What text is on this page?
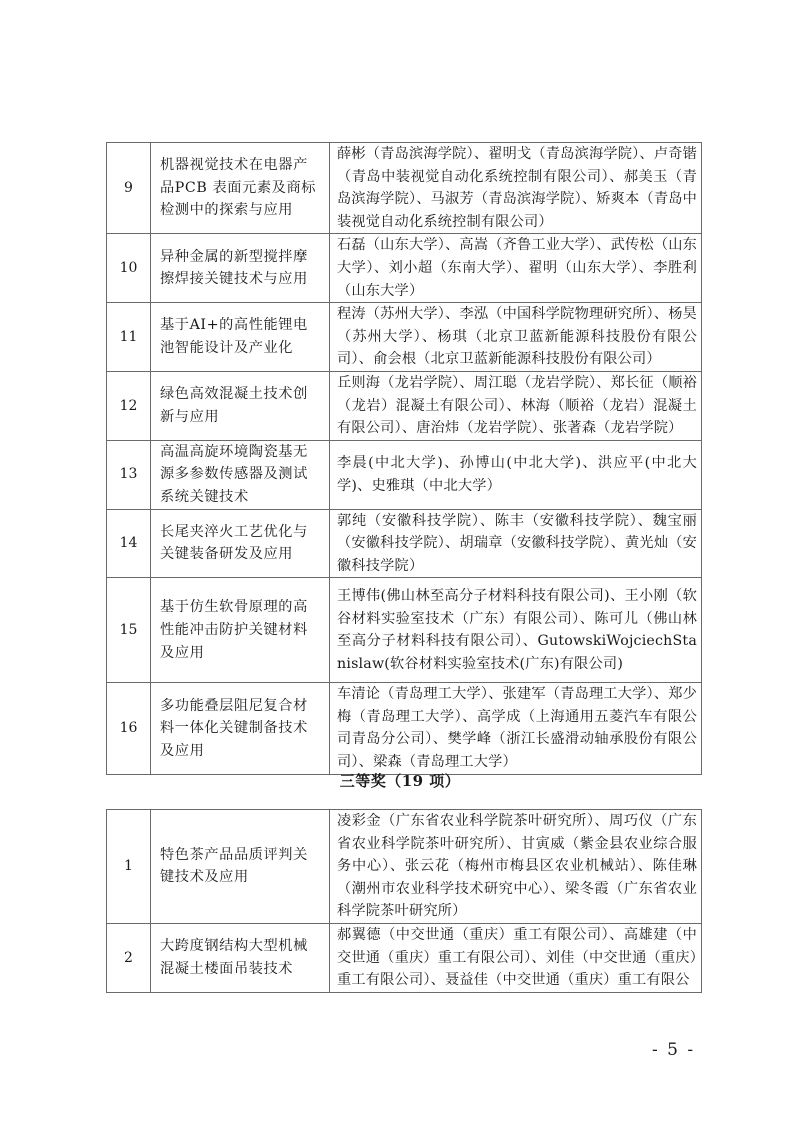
9	机器视觉技术在电器产品PCB 表面元素及商标检测中的探索与应用	薛彬（青岛滨海学院）、翟明戈（青岛滨海学院）、卢奇锴（青岛中装视觉自动化系统控制有限公司）、郝美玉（青岛滨海学院）、马淑芳（青岛滨海学院）、矫爽本（青岛中装视觉自动化系统控制有限公司）
10	异种金属的新型搅拌摩擦焊接关键技术与应用	石磊（山东大学）、高嵩（齐鲁工业大学）、武传松（山东大学）、刘小超（东南大学）、翟明（山东大学）、李胜利（山东大学）
11	基于AI+的高性能锂电池智能设计及产业化	程涛（苏州大学）、李泓（中国科学院物理研究所）、杨昊（苏州大学）、杨琪（北京卫蓝新能源科技股份有限公司）、俞会根（北京卫蓝新能源科技股份有限公司）
12	绿色高效混凝土技术创新与应用	丘则海（龙岩学院）、周江聪（龙岩学院）、郑长征（顺裕（龙岩）混凝土有限公司）、林海（顺裕（龙岩）混凝土有限公司）、唐治炜（龙岩学院）、张著森（龙岩学院）
13	高温高旋环境陶瓷基无源多参数传感器及测试系统关键技术	李晨(中北大学)、孙博山(中北大学)、洪应平(中北大学)、史雅琪（中北大学）
14	长尾夹淬火工艺优化与关键装备研发及应用	郭纯（安徽科技学院）、陈丰（安徽科技学院）、魏宝丽（安徽科技学院）、胡瑞章（安徽科技学院）、黄光灿（安徽科技学院）
15	基于仿生软骨原理的高性能冲击防护关键材料及应用	王博伟(佛山林至高分子材料科技有限公司)、王小刚（软谷材料实验室技术（广东）有限公司）、陈可儿（佛山林至高分子材料科技有限公司）、GutowskiWojciechStanislaw(软谷材料实验室技术(广东)有限公司)
16	多功能叠层阻尼复合材料一体化关键制备技术及应用	车清论（青岛理工大学）、张建军（青岛理工大学）、郑少梅（青岛理工大学）、高学成（上海通用五菱汽车有限公司青岛分公司）、樊学峰（浙江长盛滑动轴承股份有限公司）、梁森（青岛理工大学）
三等奖（19 项）
1	特色茶产品品质评判关键技术及应用	凌彩金（广东省农业科学院茶叶研究所）、周巧仪（广东省农业科学院茶叶研究所）、甘寅威（紫金县农业综合服务中心）、张云花（梅州市梅县区农业机械站）、陈佳琳（潮州市农业科学技术研究中心）、梁冬霞（广东省农业科学院茶叶研究所）
2	大跨度钢结构大型机械混凝土楼面吊装技术	郝翼德（中交世通（重庆）重工有限公司）、高雄建（中交世通（重庆）重工有限公司）、刘佳（中交世通（重庆）重工有限公司）、聂益佳（中交世通（重庆）重工有限公
- 5 -
